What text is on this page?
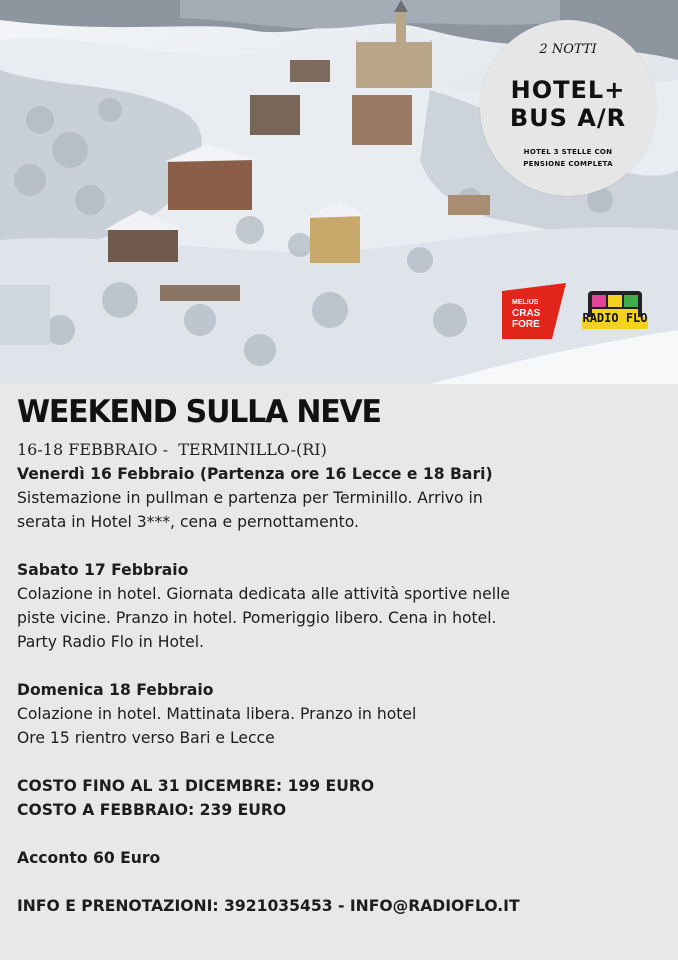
2 NOTTI
HOTEL+
BUS A/R
HOTEL 3 STELLE CON PENSIONE COMPLETA
MELIUS
CRAS
FORE	RADIO FLO
WEEKEND SULLA NEVE
16-18 FEBBRAIO -  TERMINILLO-(RI)
Venerdì 16 Febbraio (Partenza ore 16 Lecce e 18 Bari)
Sistemazione in pullman e partenza per Terminillo. Arrivo in
serata in Hotel 3***, cena e pernottamento.
Sabato 17 Febbraio
Colazione in hotel. Giornata dedicata alle attività sportive nelle
piste vicine. Pranzo in hotel. Pomeriggio libero. Cena in hotel.
Party Radio Flo in Hotel.
Domenica 18 Febbraio
Colazione in hotel. Mattinata libera. Pranzo in hotel
Ore 15 rientro verso Bari e Lecce
COSTO FINO AL 31 DICEMBRE: 199 EURO
COSTO A FEBBRAIO: 239 EURO
Acconto 60 Euro
INFO E PRENOTAZIONI: 3921035453 - INFO@RADIOFLO.IT
